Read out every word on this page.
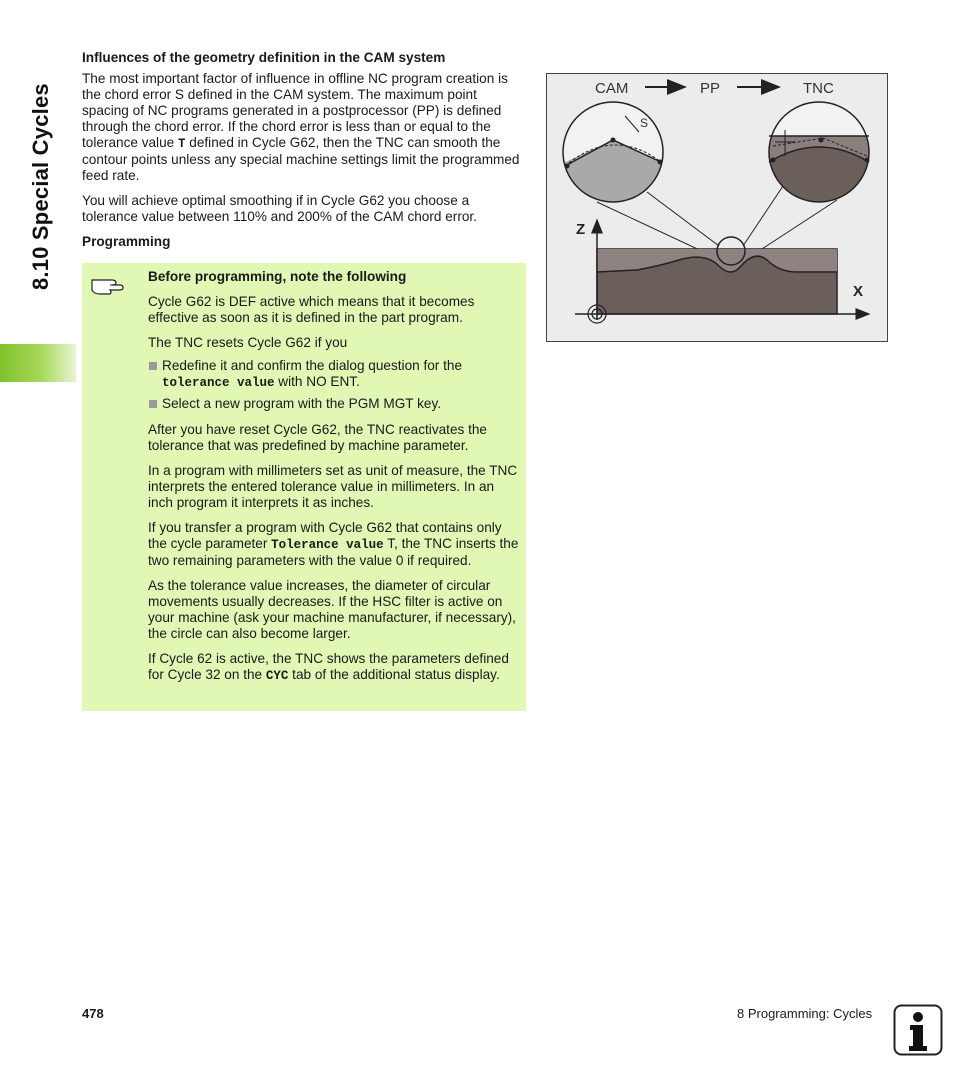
8.10 Special Cycles
Influences of the geometry definition in the CAM system

The most important factor of influence in offline NC program creation is the chord error S defined in the CAM system. The maximum point spacing of NC programs generated in a postprocessor (PP) is defined through the chord error. If the chord error is less than or equal to the tolerance value T defined in Cycle G62, then the TNC can smooth the contour points unless any special machine settings limit the programmed feed rate.

You will achieve optimal smoothing if in Cycle G62 you choose a tolerance value between 110% and 200% of the CAM chord error.

Programming
Before programming, note the following

Cycle G62 is DEF active which means that it becomes effective as soon as it is defined in the part program.

The TNC resets Cycle G62 if you

Redefine it and confirm the dialog question for the tolerance value with NO ENT.
Select a new program with the PGM MGT key.

After you have reset Cycle G62, the TNC reactivates the tolerance that was predefined by machine parameter.

In a program with millimeters set as unit of measure, the TNC interprets the entered tolerance value in millimeters. In an inch program it interprets it as inches.

If you transfer a program with Cycle G62 that contains only the cycle parameter Tolerance value T, the TNC inserts the two remaining parameters with the value 0 if required.

As the tolerance value increases, the diameter of circular movements usually decreases. If the HSC filter is active on your machine (ask your machine manufacturer, if necessary), the circle can also become larger.

If Cycle 62 is active, the TNC shows the parameters defined for Cycle 32 on the CYC tab of the additional status display.

CAM	PP	TNC
S
Z
X
478	8 Programming: Cycles
